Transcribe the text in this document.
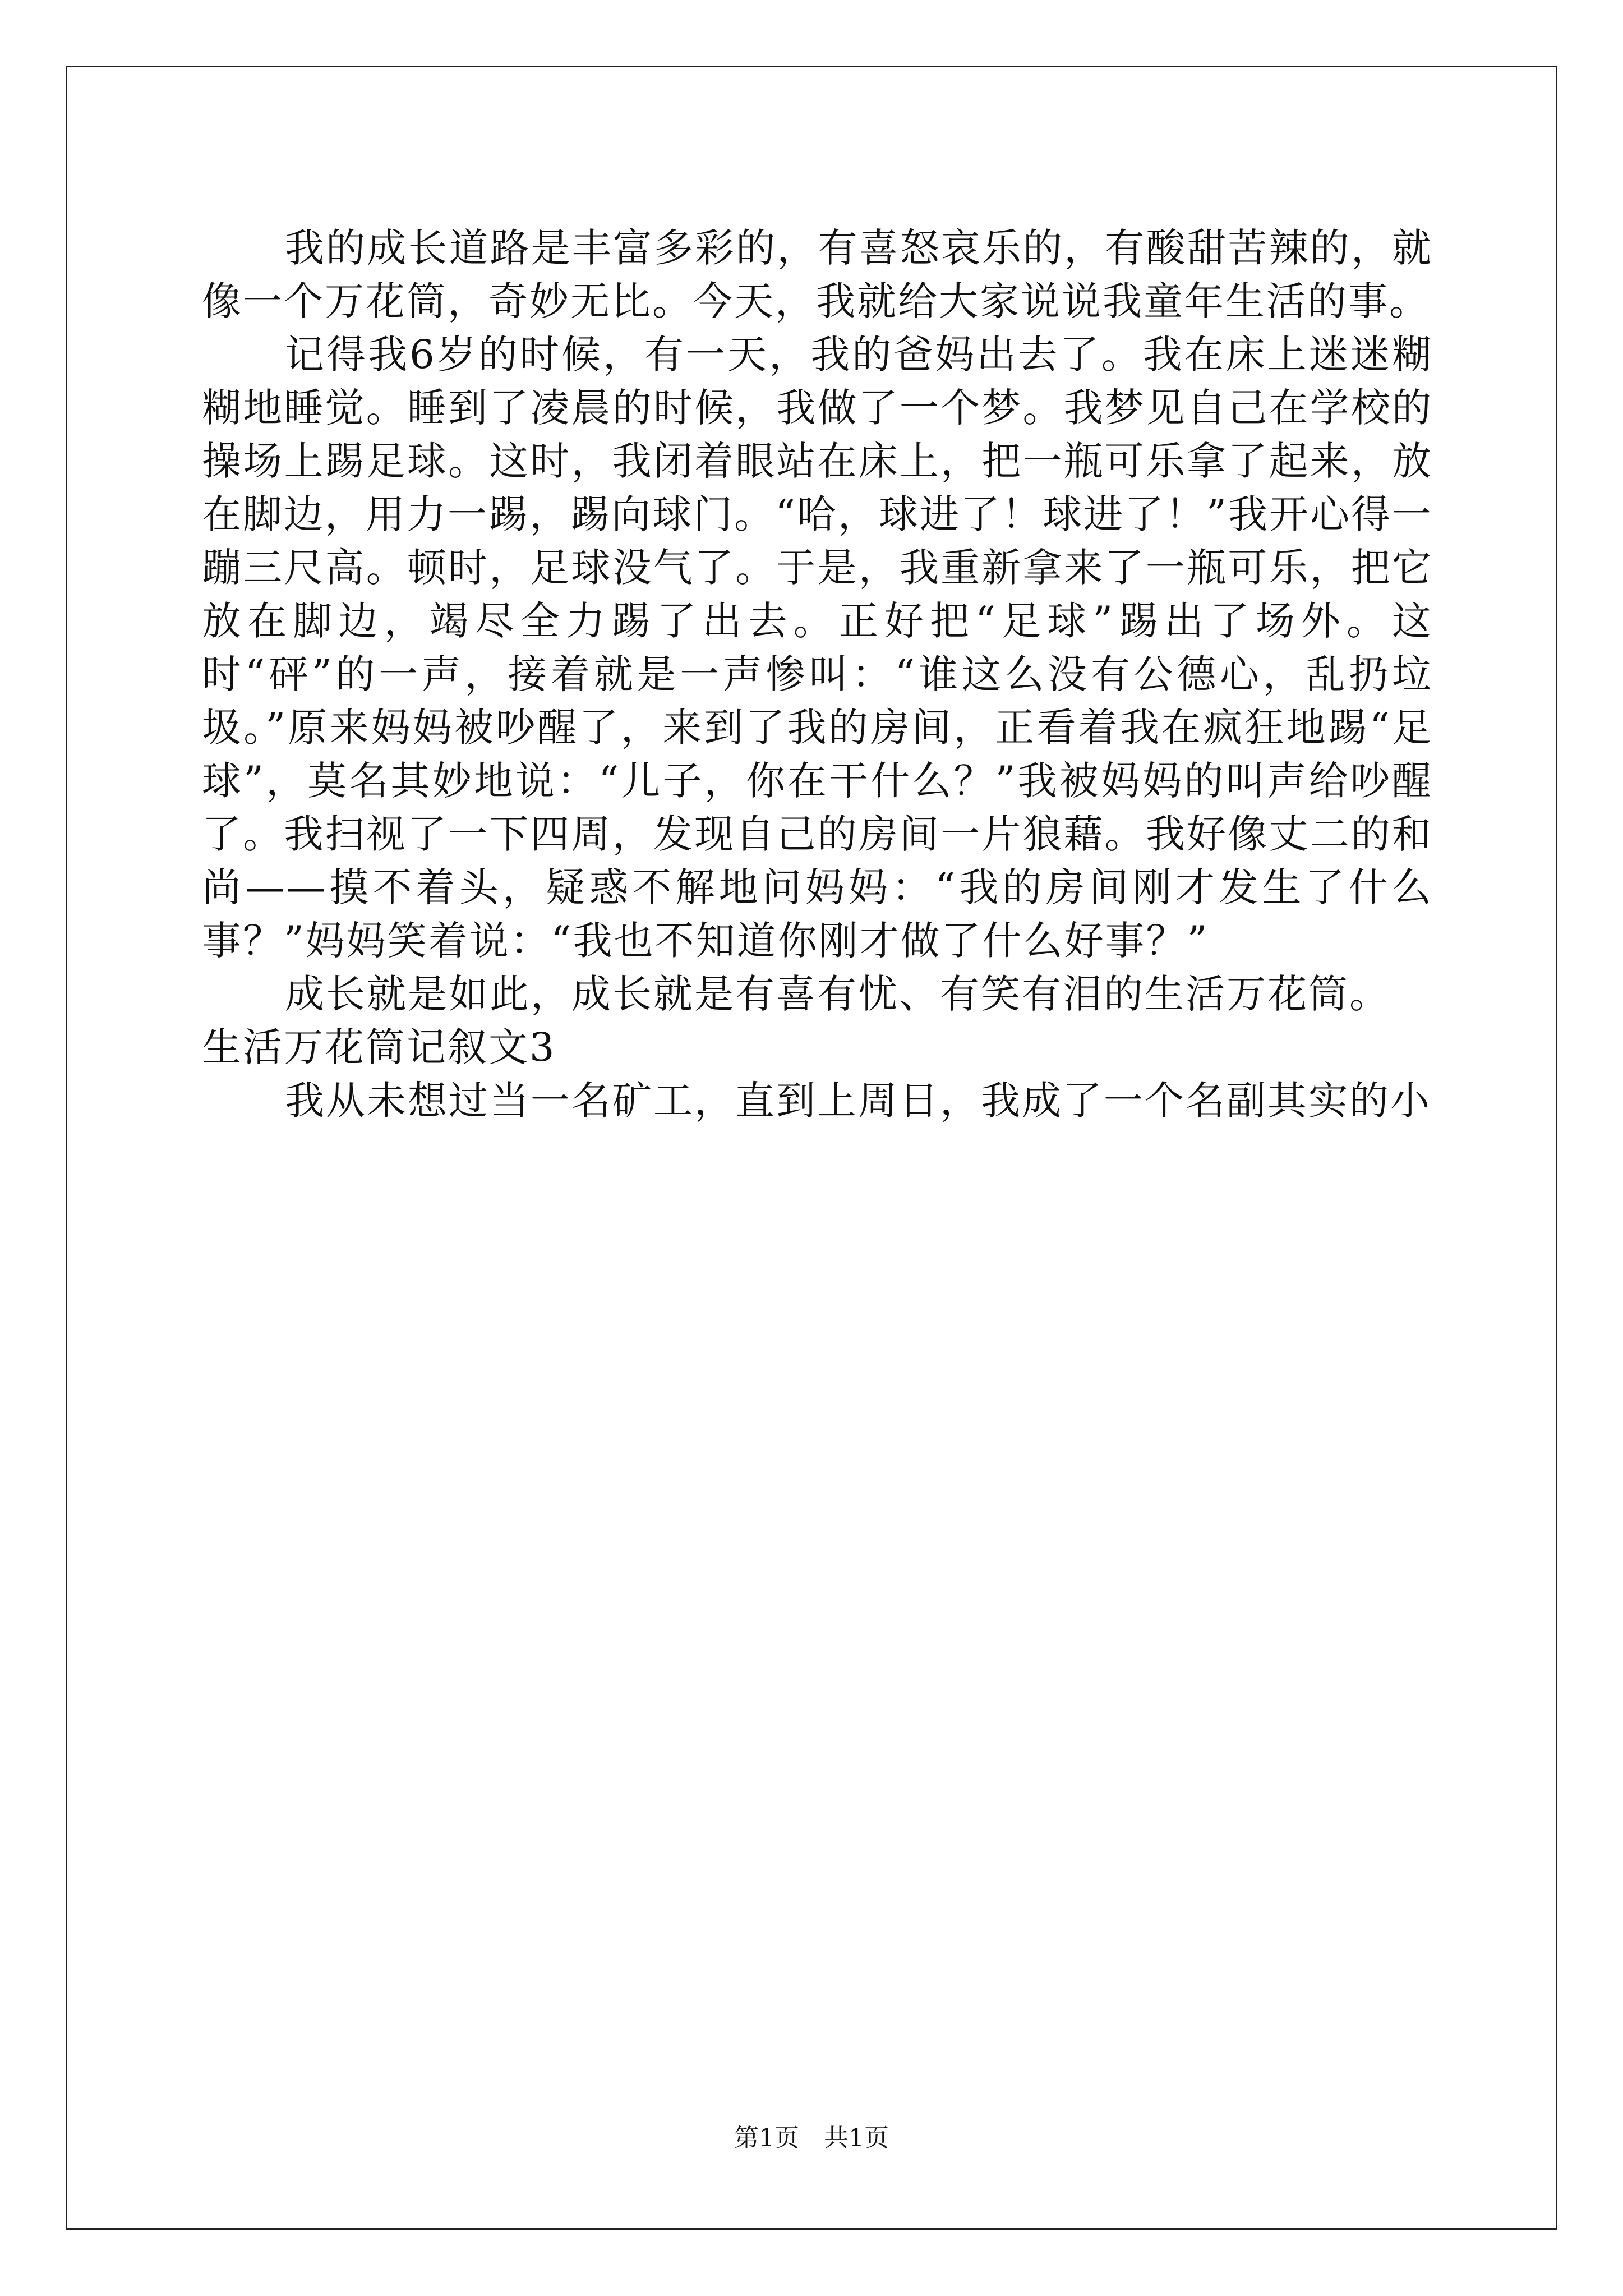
我的成长道路是丰富多彩的，有喜怒哀乐的，有酸甜苦辣的，就像一个万花筒，奇妙无比。今天，我就给大家说说我童年生活的事。

记得我6岁的时候，有一天，我的爸妈出去了。我在床上迷迷糊糊地睡觉。睡到了凌晨的时候，我做了一个梦。我梦见自己在学校的操场上踢足球。这时，我闭着眼站在床上，把一瓶可乐拿了起来，放在脚边，用力一踢，踢向球门。“哈，球进了！球进了！”我开心得一蹦三尺高。顿时，足球没气了。于是，我重新拿来了一瓶可乐，把它放在脚边，竭尽全力踢了出去。正好把“足球”踢出了场外。这时“砰”的一声，接着就是一声惨叫：“谁这么没有公德心，乱扔垃圾。”原来妈妈被吵醒了，来到了我的房间，正看着我在疯狂地踢“足球”，莫名其妙地说：“儿子，你在干什么？”我被妈妈的叫声给吵醒了。我扫视了一下四周，发现自己的房间一片狼藉。我好像丈二的和尚——摸不着头，疑惑不解地问妈妈：“我的房间刚才发生了什么事？”妈妈笑着说：“我也不知道你刚才做了什么好事？”

成长就是如此，成长就是有喜有忧、有笑有泪的生活万花筒。

生活万花筒记叙文3

我从未想过当一名矿工，直到上周日，我成了一个名副其实的小

第1页 共1页
